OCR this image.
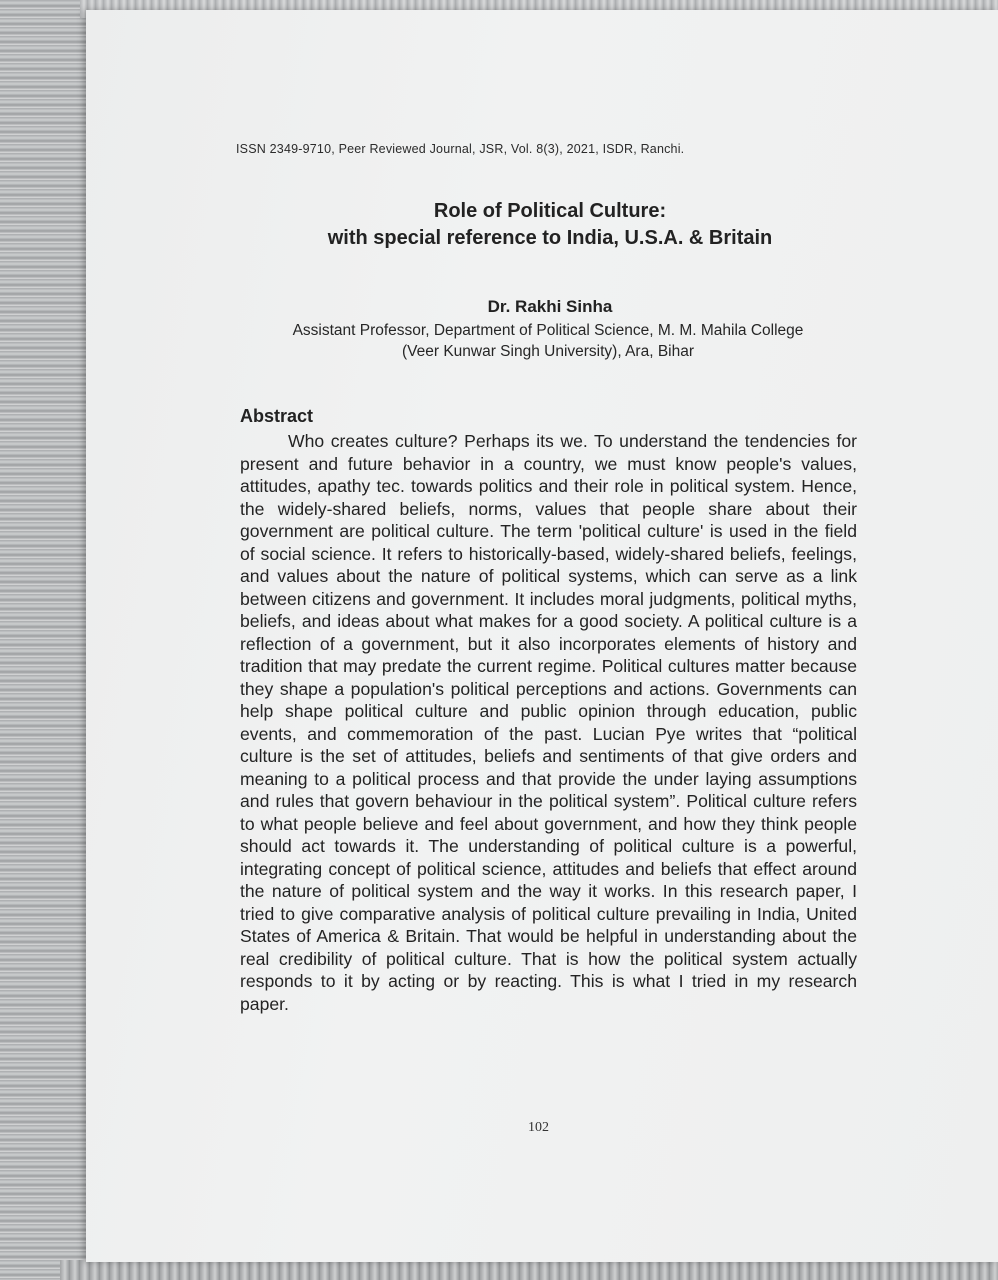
ISSN 2349-9710, Peer Reviewed Journal, JSR, Vol. 8(3), 2021, ISDR, Ranchi.
Role of Political Culture:
with special reference to India, U.S.A. & Britain
Dr. Rakhi Sinha
Assistant Professor, Department of Political Science, M. M. Mahila College
(Veer Kunwar Singh University), Ara, Bihar
Abstract

Who creates culture? Perhaps its we. To understand the tendencies for present and future behavior in a country, we must know people's values, attitudes, apathy tec. towards politics and their role in political system. Hence, the widely-shared beliefs, norms, values that people share about their government are political culture. The term 'political culture' is used in the field of social science. It refers to historically-based, widely-shared beliefs, feelings, and values about the nature of political systems, which can serve as a link between citizens and government. It includes moral judgments, political myths, beliefs, and ideas about what makes for a good society. A political culture is a reflection of a government, but it also incorporates elements of history and tradition that may predate the current regime. Political cultures matter because they shape a population's political perceptions and actions. Governments can help shape political culture and public opinion through education, public events, and commemoration of the past. Lucian Pye writes that “political culture is the set of attitudes, beliefs and sentiments of that give orders and meaning to a political process and that provide the under laying assumptions and rules that govern behaviour in the political system”. Political culture refers to what people believe and feel about government, and how they think people should act towards it. The understanding of political culture is a powerful, integrating concept of political science, attitudes and beliefs that effect around the nature of political system and the way it works. In this research paper, I tried to give comparative analysis of political culture prevailing in India, United States of America & Britain. That would be helpful in understanding about the real credibility of political culture. That is how the political system actually responds to it by acting or by reacting. This is what I tried in my research paper.

102
